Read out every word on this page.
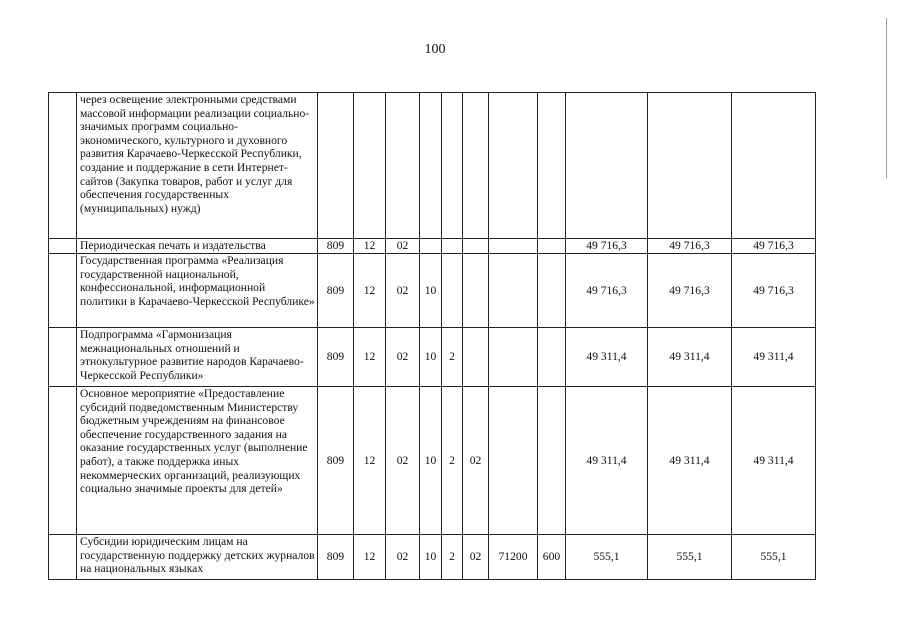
100
	через освещение электронными средствами массовой информации реализации социально-значимых программ социально-экономического, культурного и духовного развития Карачаево-Черкесской Республики, создание и поддержание в сети Интернет-сайтов (Закупка товаров, работ и услуг для обеспечения государственных (муниципальных) нужд)											
	Периодическая печать и издательства	809	12	02						49 716,3	49 716,3	49 716,3
	Государственная программа «Реализация государственной национальной, конфессиональной, информационной политики в Карачаево-Черкесской Республике»	809	12	02	10					49 716,3	49 716,3	49 716,3
	Подпрограмма «Гармонизация межнациональных отношений и этнокультурное развитие народов Карачаево-Черкесской Республики»	809	12	02	10	2				49 311,4	49 311,4	49 311,4
	Основное мероприятие «Предоставление субсидий подведомственным Министерству бюджетным учреждениям на финансовое обеспечение государственного задания на оказание государственных услуг (выполнение работ), а также поддержка иных некоммерческих организаций, реализующих социально значимые проекты для детей»	809	12	02	10	2	02			49 311,4	49 311,4	49 311,4
	Субсидии юридическим лицам на государственную поддержку детских журналов на национальных языках	809	12	02	10	2	02	71200	600	555,1	555,1	555,1
